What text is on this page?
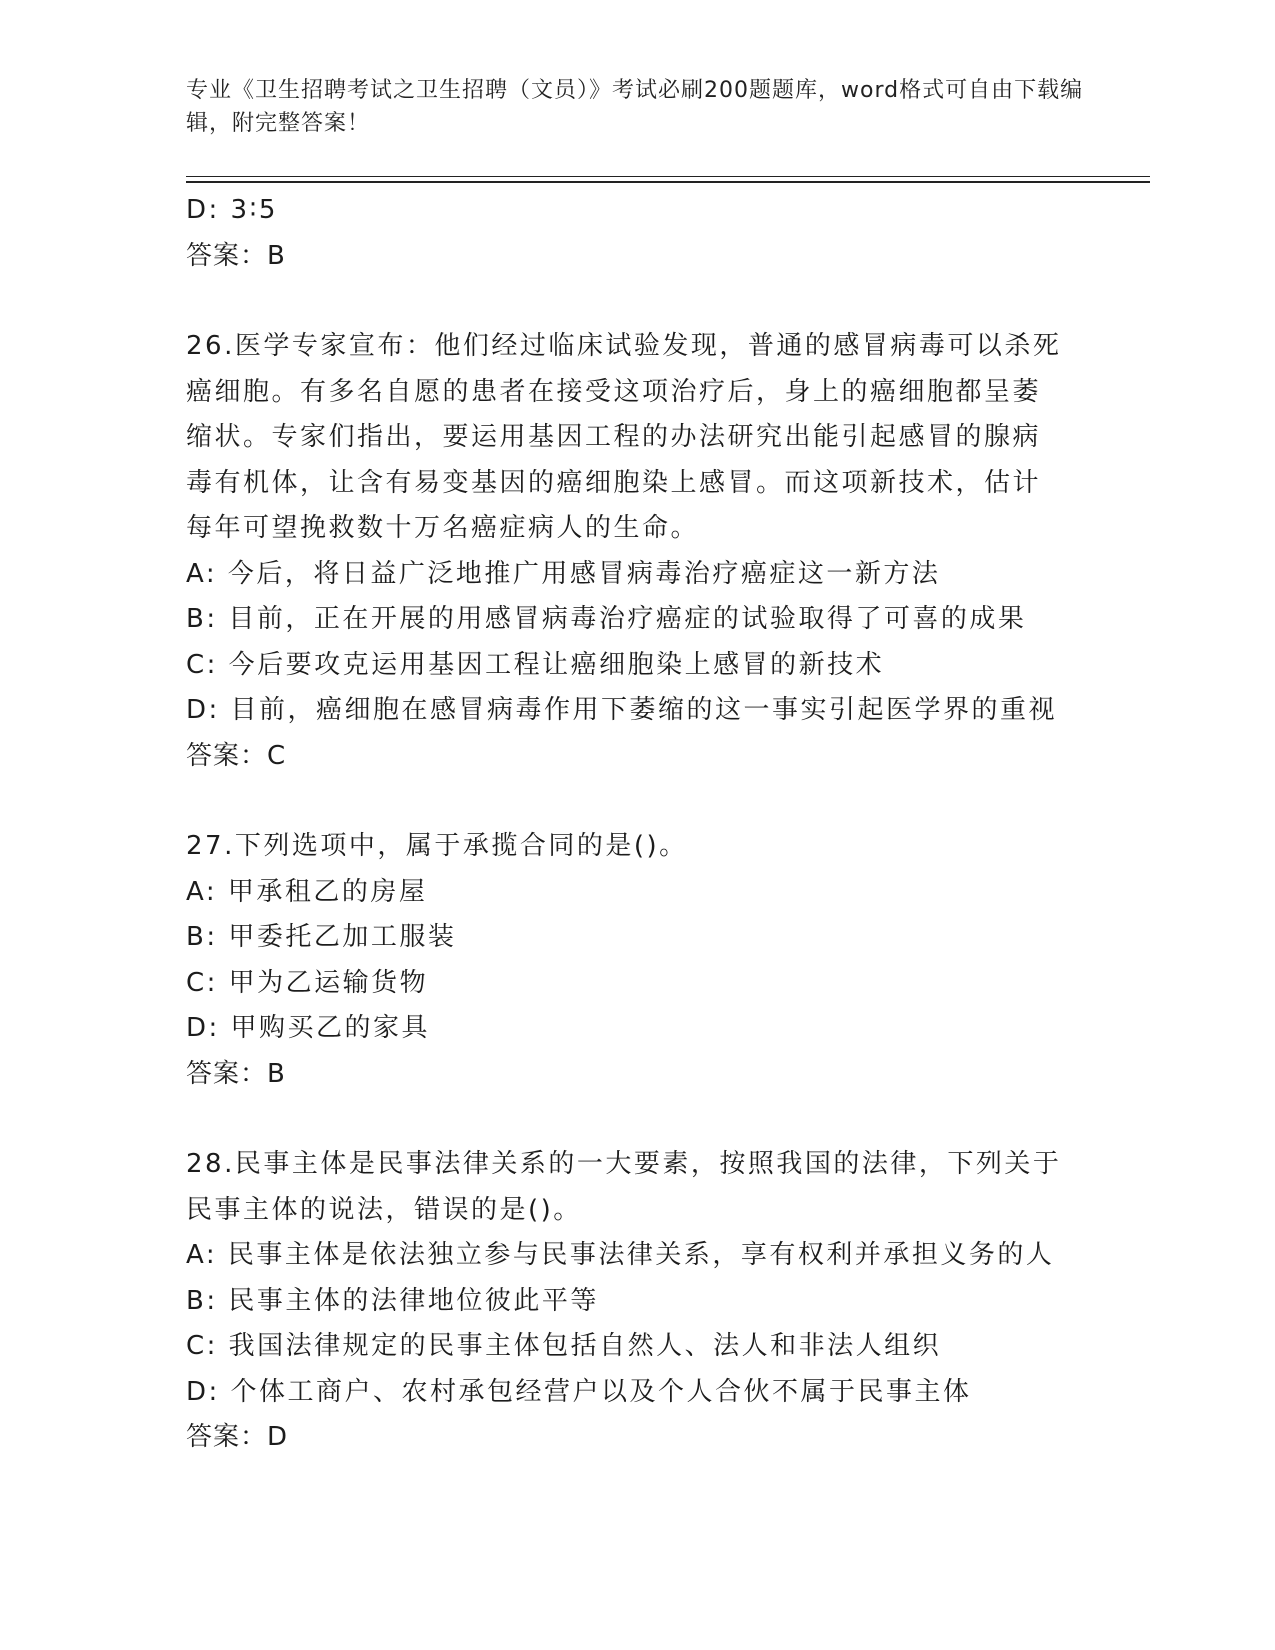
专业《卫生招聘考试之卫生招聘（文员）》考试必刷200题题库，word格式可自由下载编辑，附完整答案！
D: 3∶5
答案：B
26.医学专家宣布：他们经过临床试验发现，普通的感冒病毒可以杀死癌细胞。有多名自愿的患者在接受这项治疗后，身上的癌细胞都呈萎缩状。专家们指出，要运用基因工程的办法研究出能引起感冒的腺病毒有机体，让含有易变基因的癌细胞染上感冒。而这项新技术，估计每年可望挽救数十万名癌症病人的生命。
A: 今后，将日益广泛地推广用感冒病毒治疗癌症这一新方法
B: 目前，正在开展的用感冒病毒治疗癌症的试验取得了可喜的成果
C: 今后要攻克运用基因工程让癌细胞染上感冒的新技术
D: 目前，癌细胞在感冒病毒作用下萎缩的这一事实引起医学界的重视
答案：C
27.下列选项中，属于承揽合同的是()。
A: 甲承租乙的房屋
B: 甲委托乙加工服装
C: 甲为乙运输货物
D: 甲购买乙的家具
答案：B
28.民事主体是民事法律关系的一大要素，按照我国的法律，下列关于民事主体的说法，错误的是()。
A: 民事主体是依法独立参与民事法律关系，享有权利并承担义务的人
B: 民事主体的法律地位彼此平等
C: 我国法律规定的民事主体包括自然人、法人和非法人组织
D: 个体工商户、农村承包经营户以及个人合伙不属于民事主体
答案：D
